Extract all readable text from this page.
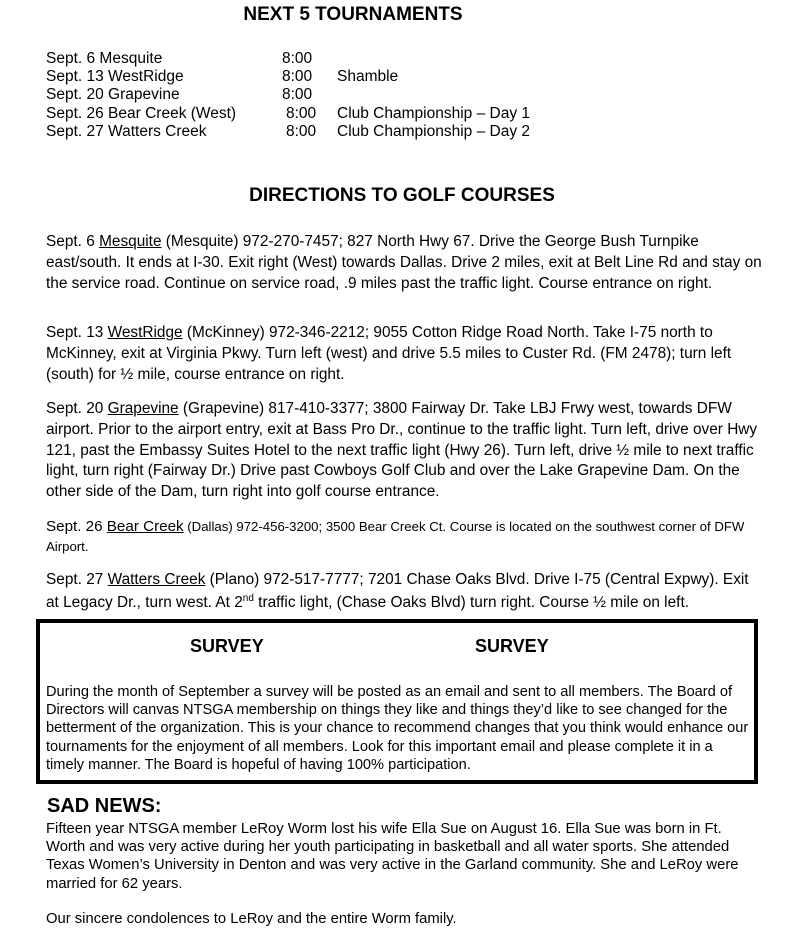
NEXT 5 TOURNAMENTS
Sept. 6 Mesquite	8:00
Sept. 13 WestRidge	8:00 Shamble
Sept. 20 Grapevine	8:00
Sept. 26 Bear Creek (West)	8:00 Club Championship – Day 1
Sept. 27 Watters Creek	8:00 Club Championship – Day 2
DIRECTIONS TO GOLF COURSES

Sept. 6 Mesquite (Mesquite) 972-270-7457; 827 North Hwy 67. Drive the George Bush Turnpike east/south. It ends at I-30. Exit right (West) towards Dallas. Drive 2 miles, exit at Belt Line Rd and stay on the service road. Continue on service road, .9 miles past the traffic light. Course entrance on right.

Sept. 13 WestRidge (McKinney) 972-346-2212; 9055 Cotton Ridge Road North. Take I-75 north to McKinney, exit at Virginia Pkwy. Turn left (west) and drive 5.5 miles to Custer Rd. (FM 2478); turn left (south) for ½ mile, course entrance on right.

Sept. 20 Grapevine (Grapevine) 817-410-3377; 3800 Fairway Dr. Take LBJ Frwy west, towards DFW airport. Prior to the airport entry, exit at Bass Pro Dr., continue to the traffic light. Turn left, drive over Hwy 121, past the Embassy Suites Hotel to the next traffic light (Hwy 26). Turn left, drive ½ mile to next traffic light, turn right (Fairway Dr.) Drive past Cowboys Golf Club and over the Lake Grapevine Dam. On the other side of the Dam, turn right into golf course entrance.

Sept. 26 Bear Creek (Dallas) 972-456-3200; 3500 Bear Creek Ct. Course is located on the southwest corner of DFW Airport.

Sept. 27 Watters Creek (Plano) 972-517-7777; 7201 Chase Oaks Blvd. Drive I-75 (Central Expwy). Exit at Legacy Dr., turn west. At 2nd traffic light, (Chase Oaks Blvd) turn right. Course ½ mile on left.

SURVEY	SURVEY

During the month of September a survey will be posted as an email and sent to all members. The Board of Directors will canvas NTSGA membership on things they like and things they’d like to see changed for the betterment of the organization. This is your chance to recommend changes that you think would enhance our tournaments for the enjoyment of all members. Look for this important email and please complete it in a timely manner. The Board is hopeful of having 100% participation.

SAD NEWS:

Fifteen year NTSGA member LeRoy Worm lost his wife Ella Sue on August 16. Ella Sue was born in Ft. Worth and was very active during her youth participating in basketball and all water sports. She attended Texas Women’s University in Denton and was very active in the Garland community. She and LeRoy were married for 62 years.

Our sincere condolences to LeRoy and the entire Worm family.
